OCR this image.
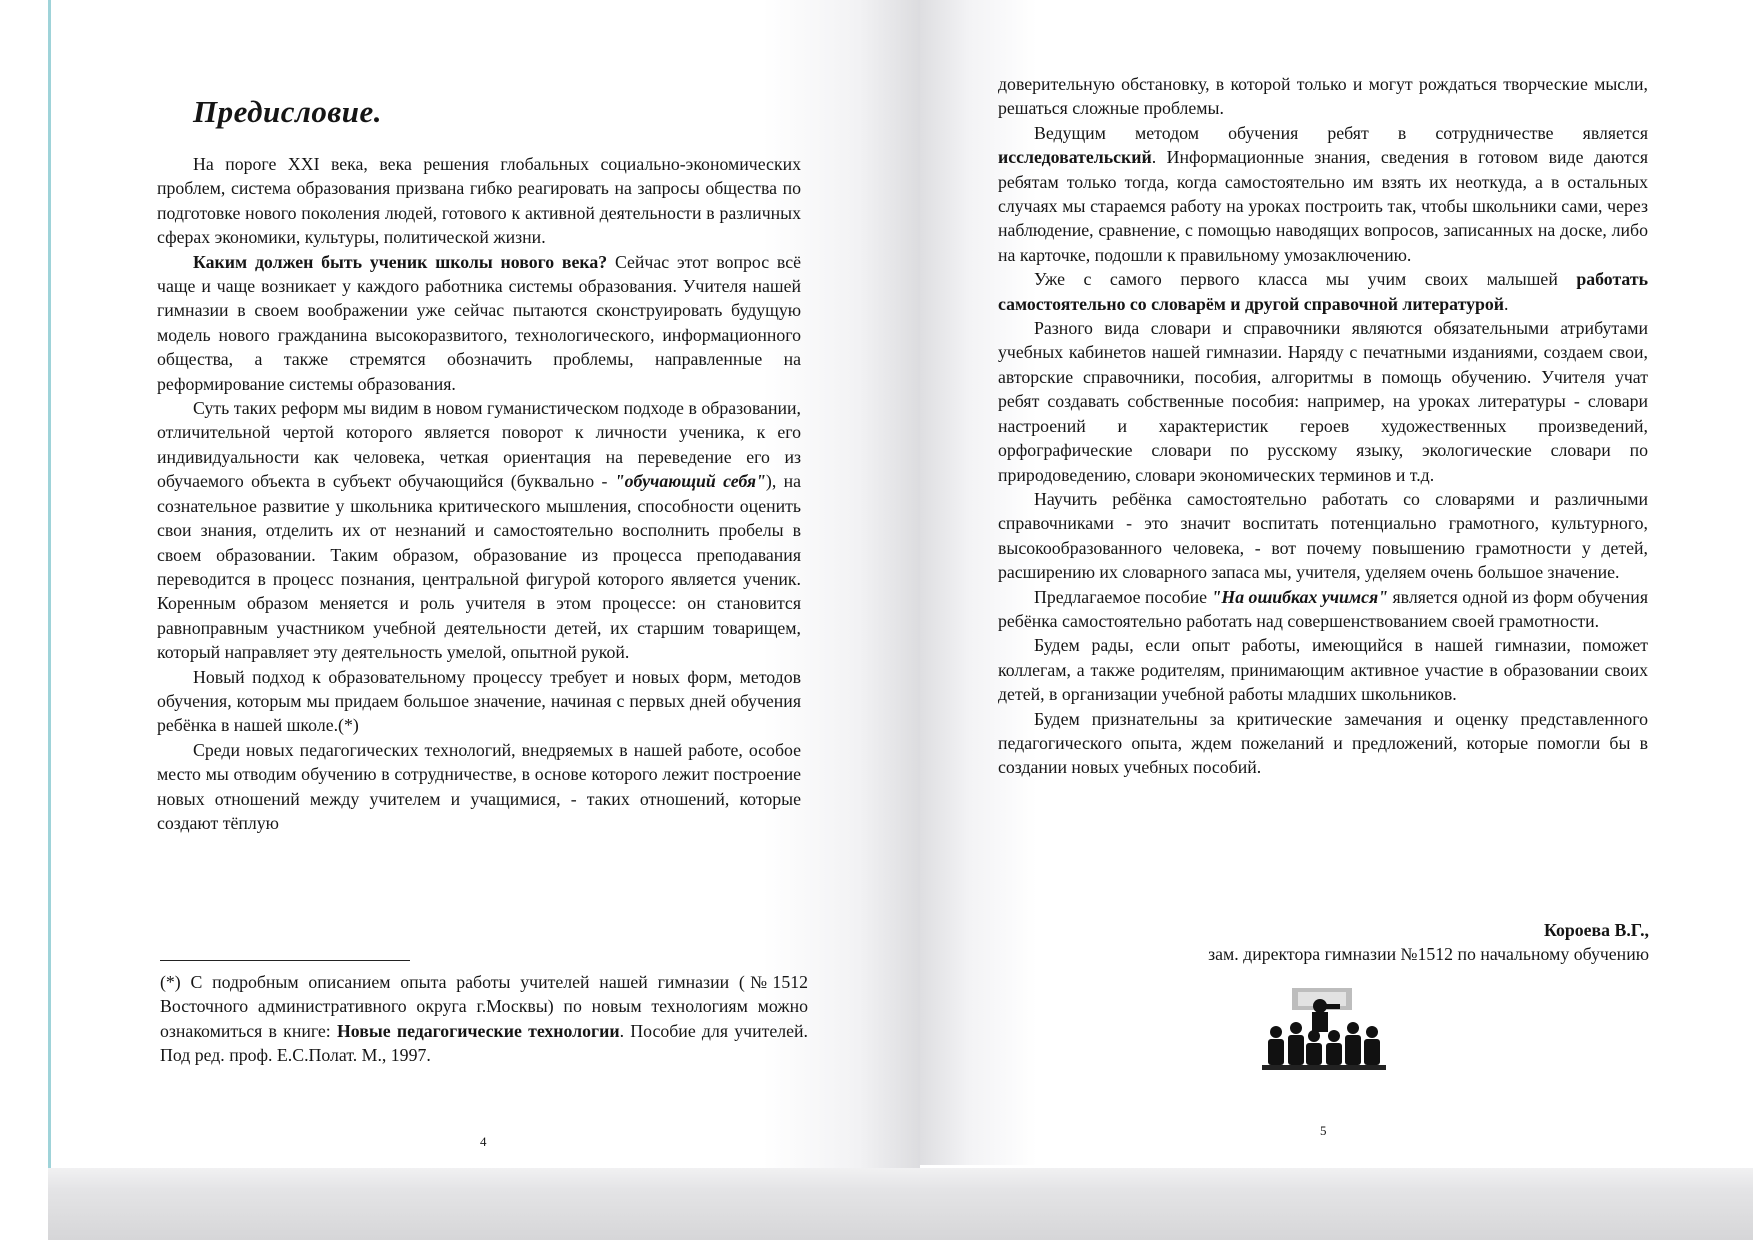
Предисловие.

На пороге XXI века, века решения глобальных социально-экономических проблем, система образования призвана гибко реагировать на запросы общества по подготовке нового поколения людей, готового к активной деятельности в различных сферах экономики, культуры, политической жизни.

Каким должен быть ученик школы нового века? Сейчас этот вопрос всё чаще и чаще возникает у каждого работника системы образования. Учителя нашей гимназии в своем воображении уже сейчас пытаются сконструировать будущую модель нового гражданина высокоразвитого, технологического, информационного общества, а также стремятся обозначить проблемы, направленные на реформирование системы образования.

Суть таких реформ мы видим в новом гуманистическом подходе в образовании, отличительной чертой которого является поворот к личности ученика, к его индивидуальности как человека, четкая ориентация на переведение его из обучаемого объекта в субъект обучающийся (буквально - "обучающий себя"), на сознательное развитие у школьника критического мышления, способности оценить свои знания, отделить их от незнаний и самостоятельно восполнить пробелы в своем образовании. Таким образом, образование из процесса преподавания переводится в процесс познания, центральной фигурой которого является ученик. Коренным образом меняется и роль учителя в этом процессе: он становится равноправным участником учебной деятельности детей, их старшим товарищем, который направляет эту деятельность умелой, опытной рукой.

Новый подход к образовательному процессу требует и новых форм, методов обучения, которым мы придаем большое значение, начиная с первых дней обучения ребёнка в нашей школе.(*)

Среди новых педагогических технологий, внедряемых в нашей работе, особое место мы отводим обучению в сотрудничестве, в основе которого лежит построение новых отношений между учителем и учащимися, - таких отношений, которые создают тёплую

(*) С подробным описанием опыта работы учителей нашей гимназии (№1512 Восточного административного округа г.Москвы) по новым технологиям можно ознакомиться в книге: Новые педагогические технологии. Пособие для учителей. Под ред. проф. Е.С.Полат. М., 1997.
4

доверительную обстановку, в которой только и могут рождаться творческие мысли, решаться сложные проблемы.

Ведущим методом обучения ребят в сотрудничестве является исследовательский. Информационные знания, сведения в готовом виде даются ребятам только тогда, когда самостоятельно им взять их неоткуда, а в остальных случаях мы стараемся работу на уроках построить так, чтобы школьники сами, через наблюдение, сравнение, с помощью наводящих вопросов, записанных на доске, либо на карточке, подошли к правильному умозаключению.

Уже с самого первого класса мы учим своих малышей работать самостоятельно со словарём и другой справочной литературой.

Разного вида словари и справочники являются обязательными атрибутами учебных кабинетов нашей гимназии. Наряду с печатными изданиями, создаем свои, авторские справочники, пособия, алгоритмы в помощь обучению. Учителя учат ребят создавать собственные пособия: например, на уроках литературы - словари настроений и характеристик героев художественных произведений, орфографические словари по русскому языку, экологические словари по природоведению, словари экономических терминов и т.д.

Научить ребёнка самостоятельно работать со словарями и различными справочниками - это значит воспитать потенциально грамотного, культурного, высокообразованного человека, - вот почему повышению грамотности у детей, расширению их словарного запаса мы, учителя, уделяем очень большое значение.

Предлагаемое пособие "На ошибках учимся" является одной из форм обучения ребёнка самостоятельно работать над совершенствованием своей грамотности.

Будем рады, если опыт работы, имеющийся в нашей гимназии, поможет коллегам, а также родителям, принимающим активное участие в образовании своих детей, в организации учебной работы младших школьников.

Будем признательны за критические замечания и оценку представленного педагогического опыта, ждем пожеланий и предложений, которые помогли бы в создании новых учебных пособий.

Короева В.Г.,
зам. директора гимназии №1512 по начальному обучению
5
